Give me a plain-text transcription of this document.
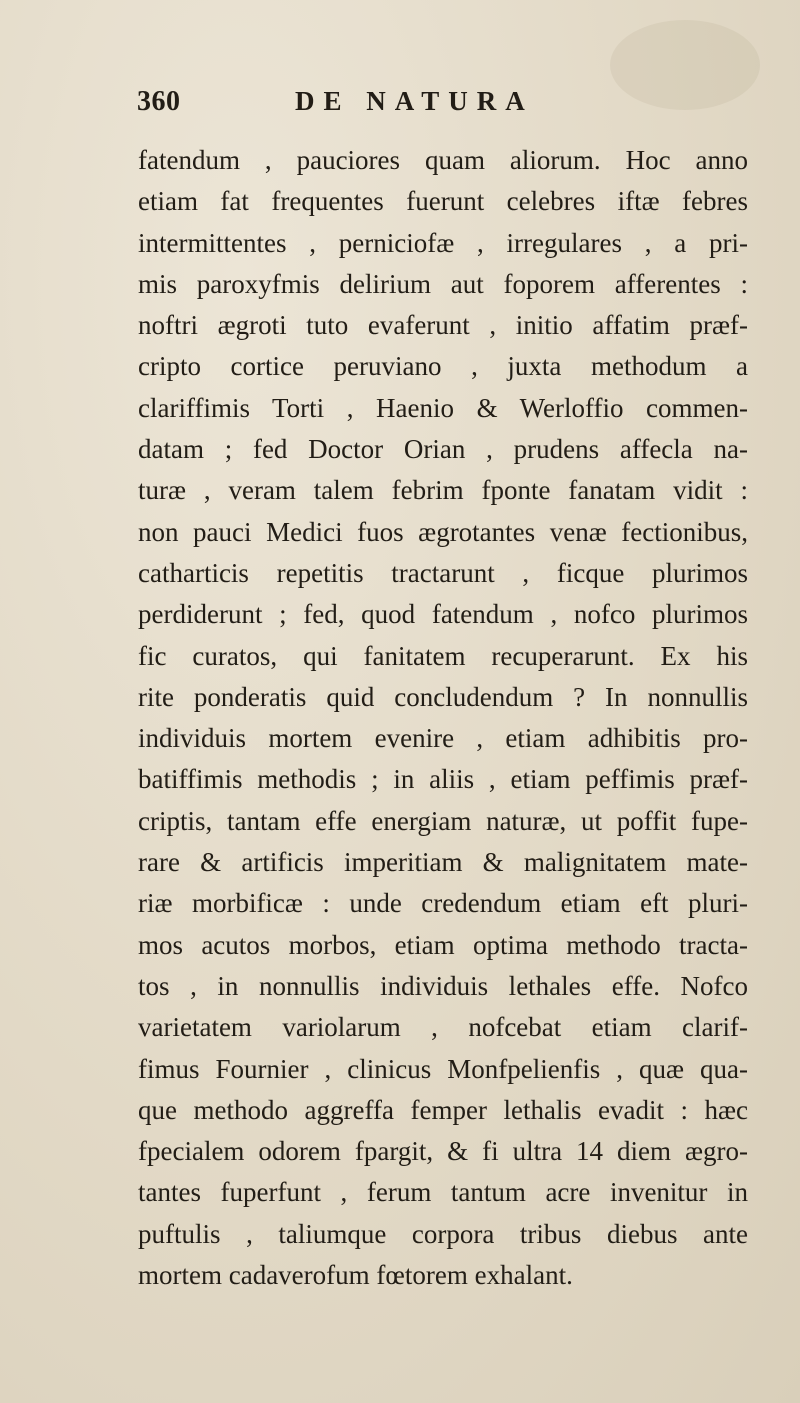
360	DE NATURA
fatendum , pauciores quam aliorum. Hoc anno
etiam fat frequentes fuerunt celebres iftæ febres
intermittentes , perniciofæ , irregulares , a pri-
mis paroxyfmis delirium aut foporem afferentes :
noftri ægroti tuto evaferunt , initio affatim præf-
cripto cortice peruviano , juxta methodum a
clariffimis Torti , Haenio & Werloffio commen-
datam ; fed Doctor Orian , prudens affecla na-
turæ , veram talem febrim fponte fanatam vidit :
non pauci Medici fuos ægrotantes venæ fectionibus,
catharticis repetitis tractarunt , ficque plurimos
perdiderunt ; fed, quod fatendum , nofco plurimos
fic curatos, qui fanitatem recuperarunt. Ex his
rite ponderatis quid concludendum ? In nonnullis
individuis mortem evenire , etiam adhibitis pro-
batiffimis methodis ; in aliis , etiam peffimis præf-
criptis, tantam effe energiam naturæ, ut poffit fupe-
rare & artificis imperitiam & malignitatem mate-
riæ morbificæ : unde credendum etiam eft pluri-
mos acutos morbos, etiam optima methodo tracta-
tos , in nonnullis individuis lethales effe. Nofco
varietatem variolarum , nofcebat etiam clarif-
fimus Fournier , clinicus Monfpelienfis , quæ qua-
que methodo aggreffa femper lethalis evadit : hæc
fpecialem odorem fpargit, & fi ultra 14 diem ægro-
tantes fuperfunt , ferum tantum acre invenitur in
puftulis , taliumque corpora tribus diebus ante
mortem cadaverofum fœtorem exhalant.
